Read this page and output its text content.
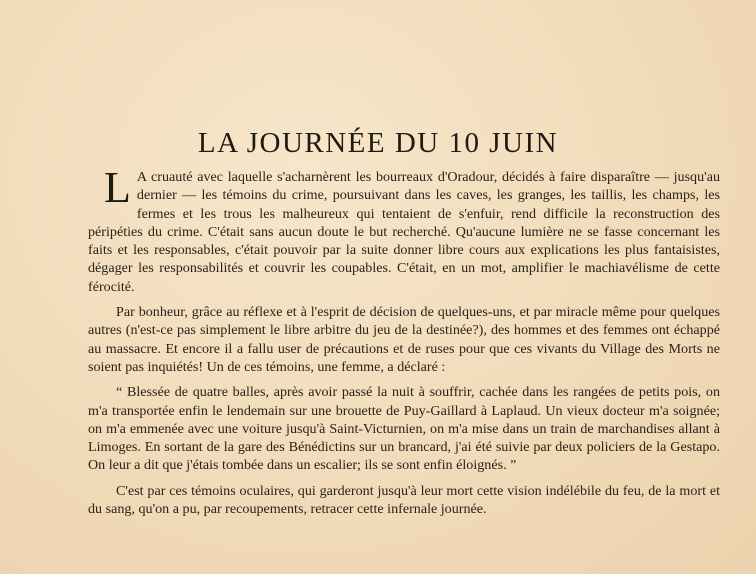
LA JOURNÉE DU 10 JUIN

L A cruauté avec laquelle s'acharnèrent les bourreaux d'Oradour, décidés à faire disparaître — jusqu'au dernier — les témoins du crime, poursuivant dans les caves, les granges, les taillis, les champs, les fermes et les trous les malheureux qui tentaient de s'enfuir, rend difficile la reconstruction des péripéties du crime. C'était sans aucun doute le but recherché. Qu'aucune lumière ne se fasse concernant les faits et les responsables, c'était pouvoir par la suite donner libre cours aux explications les plus fantaisistes, dégager les responsabilités et couvrir les coupables. C'était, en un mot, amplifier le machiavélisme de cette férocité.

Par bonheur, grâce au réflexe et à l'esprit de décision de quelques-uns, et par miracle même pour quelques autres (n'est-ce pas simplement le libre arbitre du jeu de la destinée?), des hommes et des femmes ont échappé au massacre. Et encore il a fallu user de précautions et de ruses pour que ces vivants du Village des Morts ne soient pas inquiétés! Un de ces témoins, une femme, a déclaré :

“ Blessée de quatre balles, après avoir passé la nuit à souffrir, cachée dans les rangées de petits pois, on m'a transportée enfin le lendemain sur une brouette de Puy-Gaillard à Laplaud. Un vieux docteur m'a soignée; on m'a emmenée avec une voiture jusqu'à Saint-Victurnien, on m'a mise dans un train de marchandises allant à Limoges. En sortant de la gare des Bénédictins sur un brancard, j'ai été suivie par deux policiers de la Gestapo. On leur a dit que j'étais tombée dans un escalier; ils se sont enfin éloignés. ”

C'est par ces témoins oculaires, qui garderont jusqu'à leur mort cette vision indélébile du feu, de la mort et du sang, qu'on a pu, par recoupements, retracer cette infernale journée.
